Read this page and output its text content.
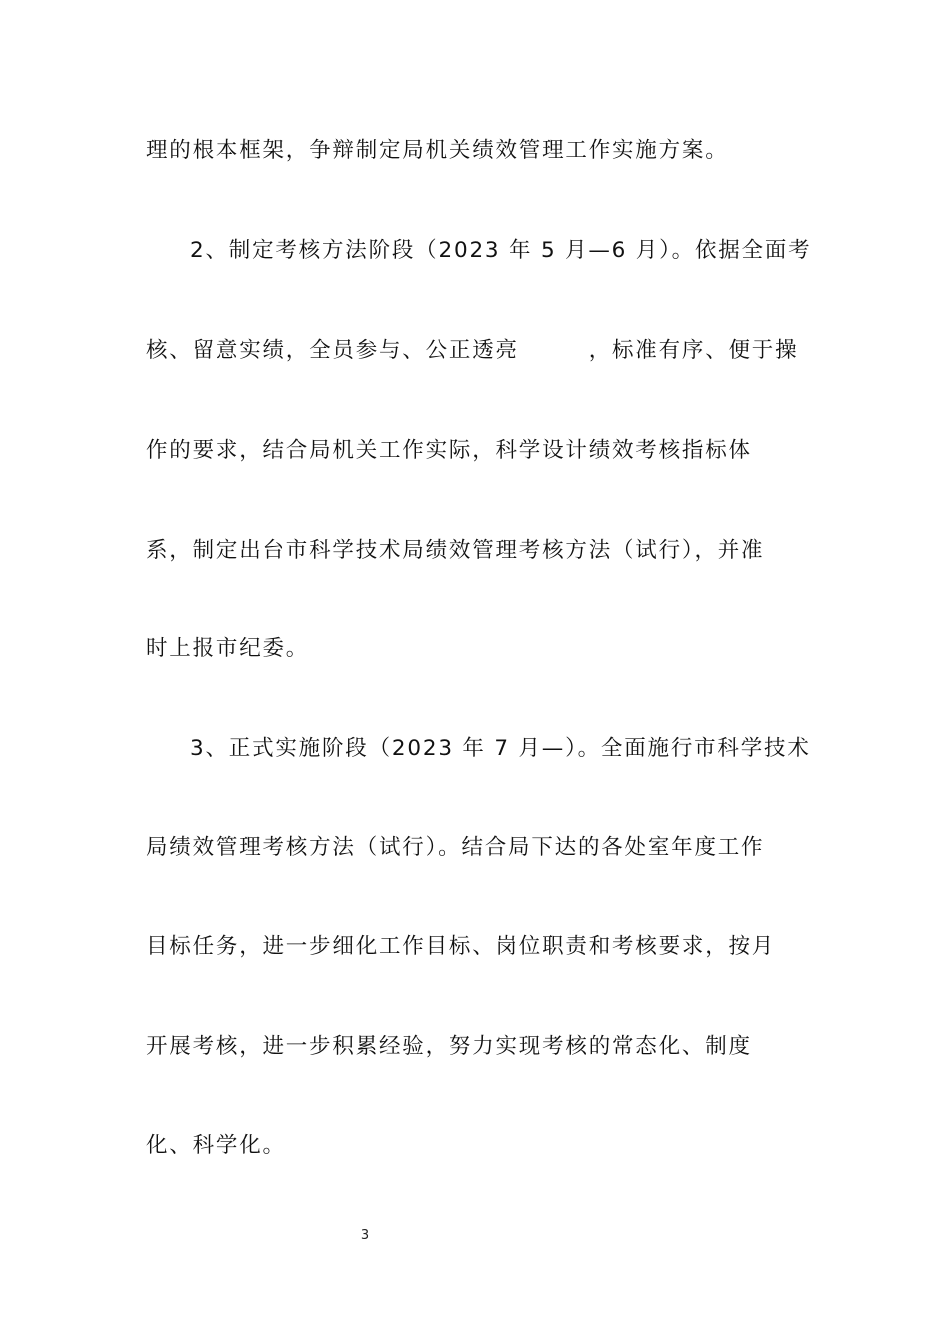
理的根本框架，争辩制定局机关绩效管理工作实施方案。
2、制定考核方法阶段（2023 年 5 月—6 月）。依据全面考
核、留意实绩，全员参与、公正透亮　　　，标准有序、便于操
作的要求，结合局机关工作实际，科学设计绩效考核指标体
系，制定出台市科学技术局绩效管理考核方法（试行），并准
时上报市纪委。
3、正式实施阶段（2023 年 7 月—）。全面施行市科学技术
局绩效管理考核方法（试行）。结合局下达的各处室年度工作
目标任务，进一步细化工作目标、岗位职责和考核要求，按月
开展考核，进一步积累经验，努力实现考核的常态化、制度
化、科学化。
3
